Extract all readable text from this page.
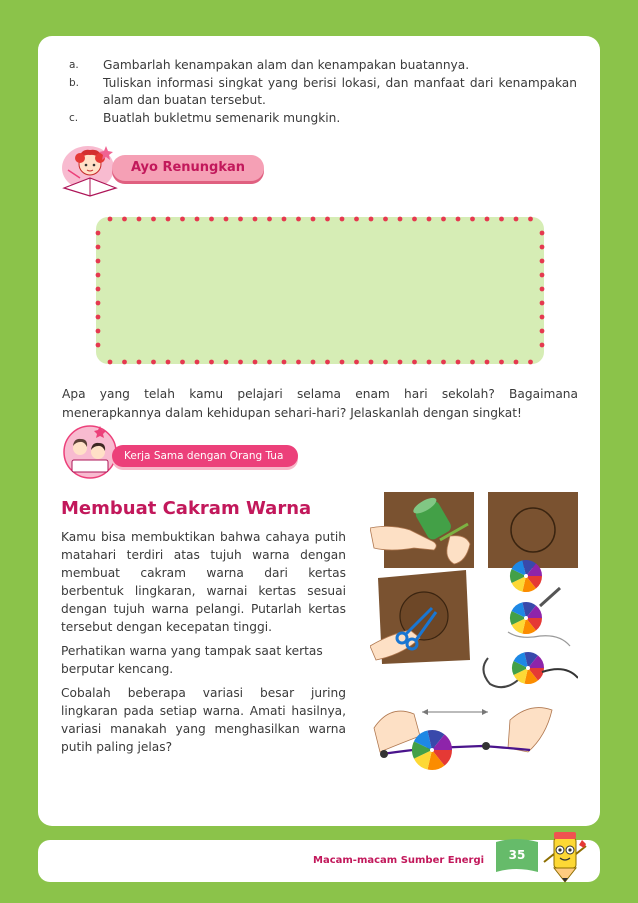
a.	Gambarlah kenampakan alam dan kenampakan buatannya.
b.	Tuliskan informasi singkat yang berisi lokasi, dan manfaat dari kenampakan alam dan buatan tersebut.
c.	Buatlah bukletmu semenarik mungkin.
Ayo Renungkan
Apa yang telah kamu pelajari selama enam hari sekolah? Bagaimana menerapkannya dalam kehidupan sehari-hari? Jelaskanlah dengan singkat!
Kerja Sama dengan Orang Tua
Membuat Cakram Warna

Kamu bisa membuktikan bahwa cahaya putih matahari terdiri atas tujuh warna dengan membuat cakram warna dari kertas berbentuk lingkaran, warnai kertas sesuai dengan tujuh warna pelangi. Putarlah kertas tersebut dengan kecepatan tinggi.

Perhatikan warna yang tampak saat kertas berputar kencang.

Cobalah beberapa variasi besar juring lingkaran pada setiap warna. Amati hasilnya, variasi manakah yang menghasilkan warna putih paling jelas?

Macam-macam Sumber Energi	35
